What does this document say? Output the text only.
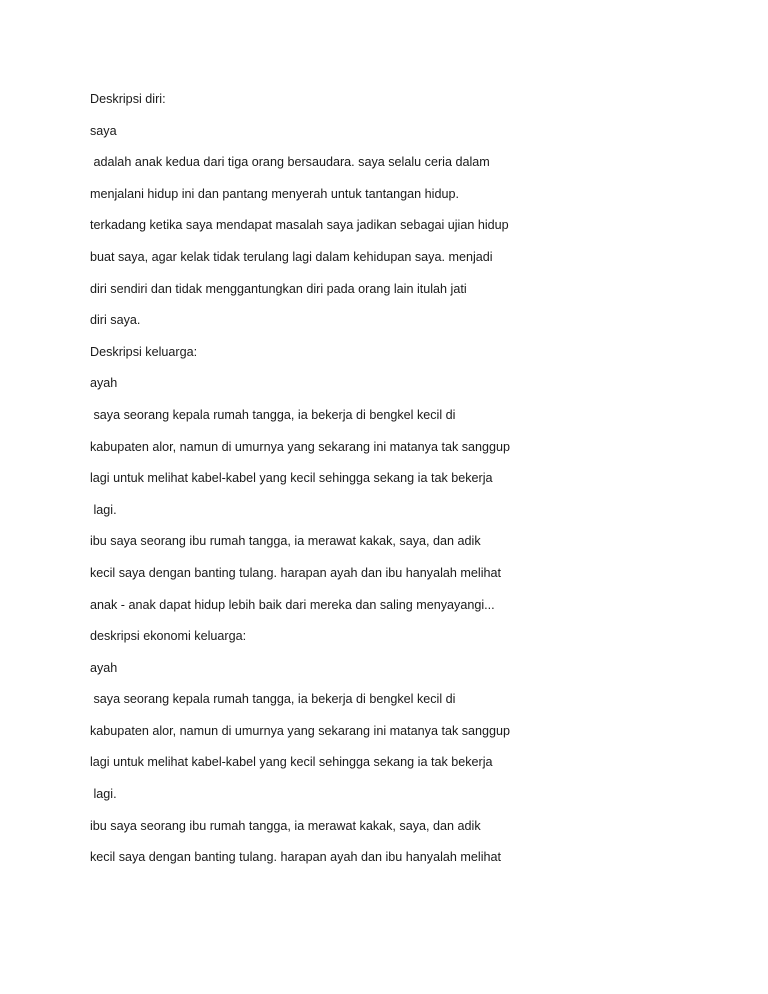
Deskripsi diri:
saya
adalah anak kedua dari tiga orang bersaudara. saya selalu ceria dalam
menjalani hidup ini dan pantang menyerah untuk tantangan hidup.
terkadang ketika saya mendapat masalah saya jadikan sebagai ujian hidup
buat saya, agar kelak tidak terulang lagi dalam kehidupan saya. menjadi
diri sendiri dan tidak menggantungkan diri pada orang lain itulah jati
diri saya.
Deskripsi keluarga:
ayah
saya seorang kepala rumah tangga, ia bekerja di bengkel kecil di
kabupaten alor, namun di umurnya yang sekarang ini matanya tak sanggup
lagi untuk melihat kabel-kabel yang kecil sehingga sekang ia tak bekerja
lagi.
ibu saya seorang ibu rumah tangga, ia merawat kakak, saya, dan adik
kecil saya dengan banting tulang. harapan ayah dan ibu hanyalah melihat
anak - anak dapat hidup lebih baik dari mereka dan saling menyayangi...
deskripsi ekonomi keluarga:
ayah
saya seorang kepala rumah tangga, ia bekerja di bengkel kecil di
kabupaten alor, namun di umurnya yang sekarang ini matanya tak sanggup
lagi untuk melihat kabel-kabel yang kecil sehingga sekang ia tak bekerja
lagi.
ibu saya seorang ibu rumah tangga, ia merawat kakak, saya, dan adik
kecil saya dengan banting tulang. harapan ayah dan ibu hanyalah melihat
